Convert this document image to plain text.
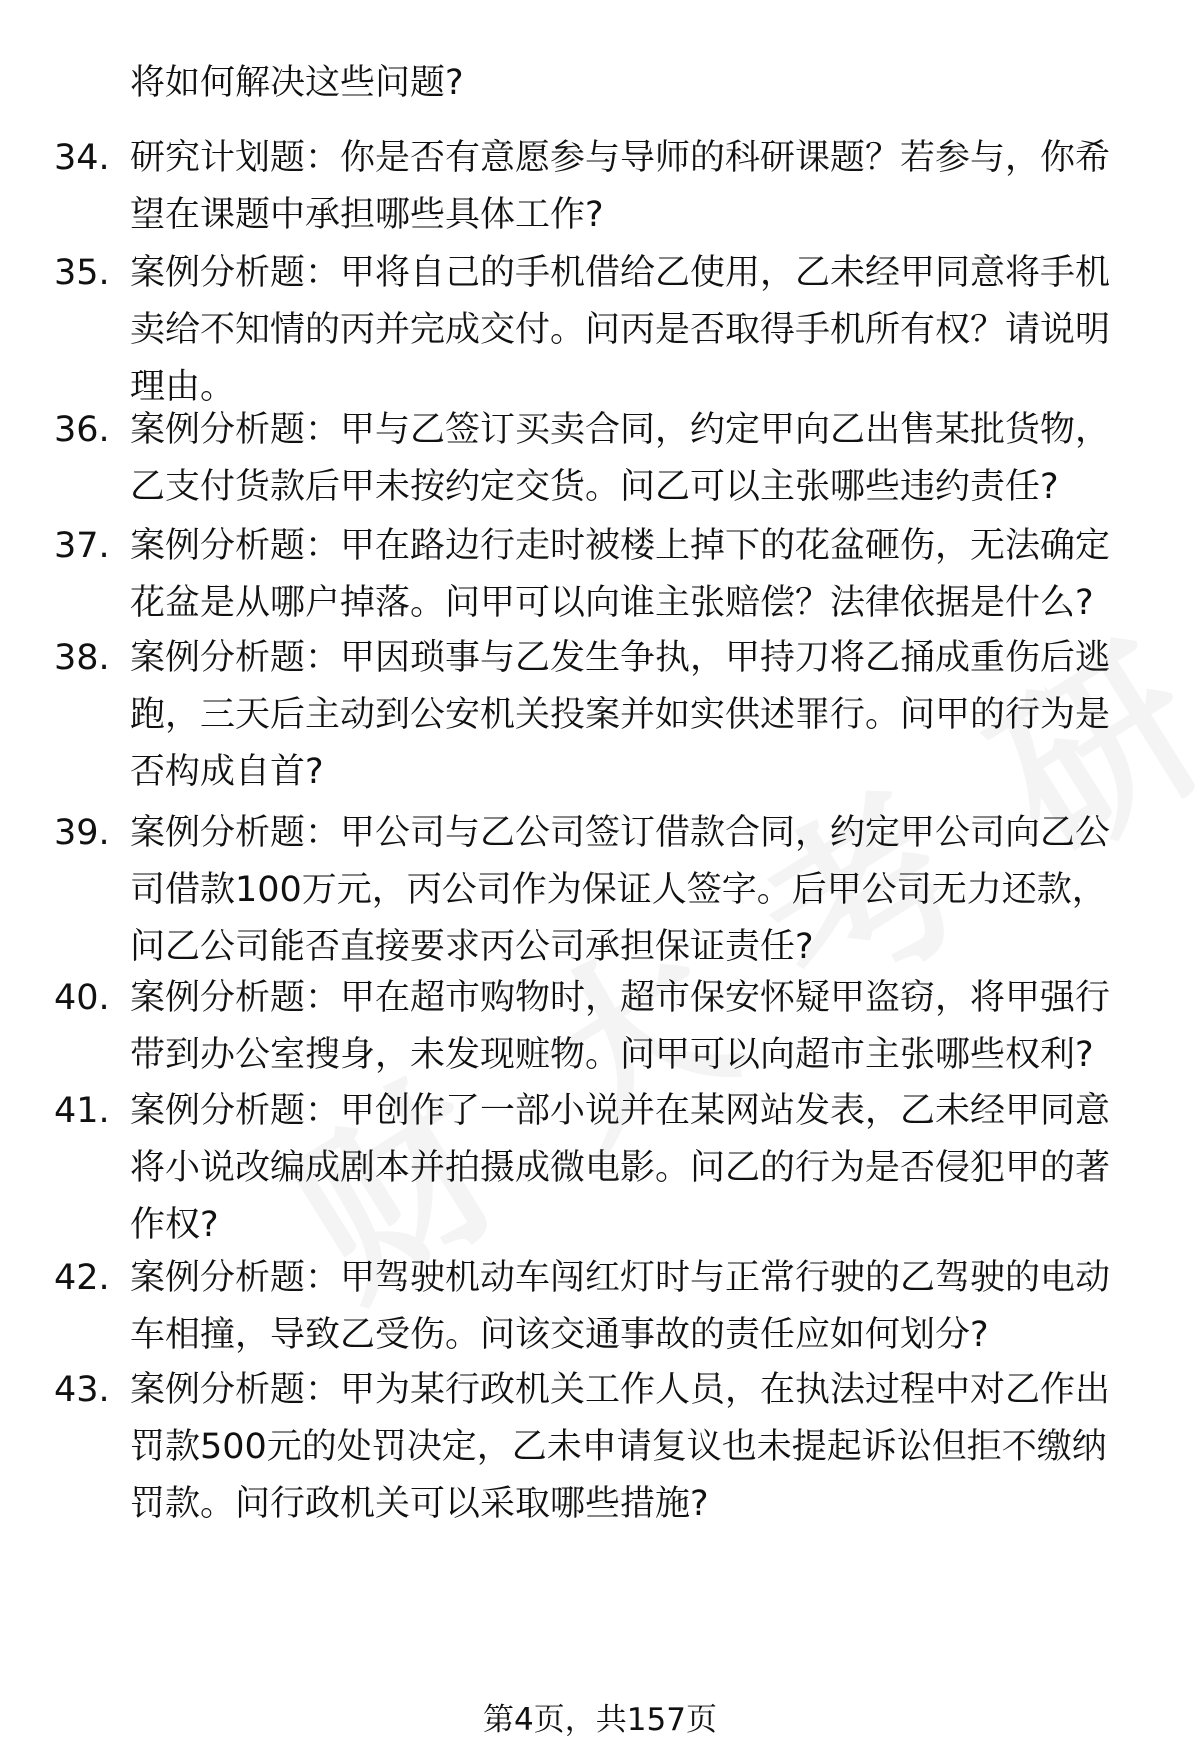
将如何解决这些问题?

34. 研究计划题：你是否有意愿参与导师的科研课题？若参与，你希望在课题中承担哪些具体工作?

35. 案例分析题：甲将自己的手机借给乙使用，乙未经甲同意将手机卖给不知情的丙并完成交付。问丙是否取得手机所有权？请说明理由。

36. 案例分析题：甲与乙签订买卖合同，约定甲向乙出售某批货物，乙支付货款后甲未按约定交货。问乙可以主张哪些违约责任?

37. 案例分析题：甲在路边行走时被楼上掉下的花盆砸伤，无法确定花盆是从哪户掉落。问甲可以向谁主张赔偿？法律依据是什么?

38. 案例分析题：甲因琐事与乙发生争执，甲持刀将乙捅成重伤后逃跑，三天后主动到公安机关投案并如实供述罪行。问甲的行为是否构成自首?

39. 案例分析题：甲公司与乙公司签订借款合同，约定甲公司向乙公司借款100万元，丙公司作为保证人签字。后甲公司无力还款，问乙公司能否直接要求丙公司承担保证责任?

40. 案例分析题：甲在超市购物时，超市保安怀疑甲盗窃，将甲强行带到办公室搜身，未发现赃物。问甲可以向超市主张哪些权利?

41. 案例分析题：甲创作了一部小说并在某网站发表，乙未经甲同意将小说改编成剧本并拍摄成微电影。问乙的行为是否侵犯甲的著作权?

42. 案例分析题：甲驾驶机动车闯红灯时与正常行驶的乙驾驶的电动车相撞，导致乙受伤。问该交通事故的责任应如何划分?

43. 案例分析题：甲为某行政机关工作人员，在执法过程中对乙作出罚款500元的处罚决定，乙未申请复议也未提起诉讼但拒不缴纳罚款。问行政机关可以采取哪些措施?

第4页，共157页
